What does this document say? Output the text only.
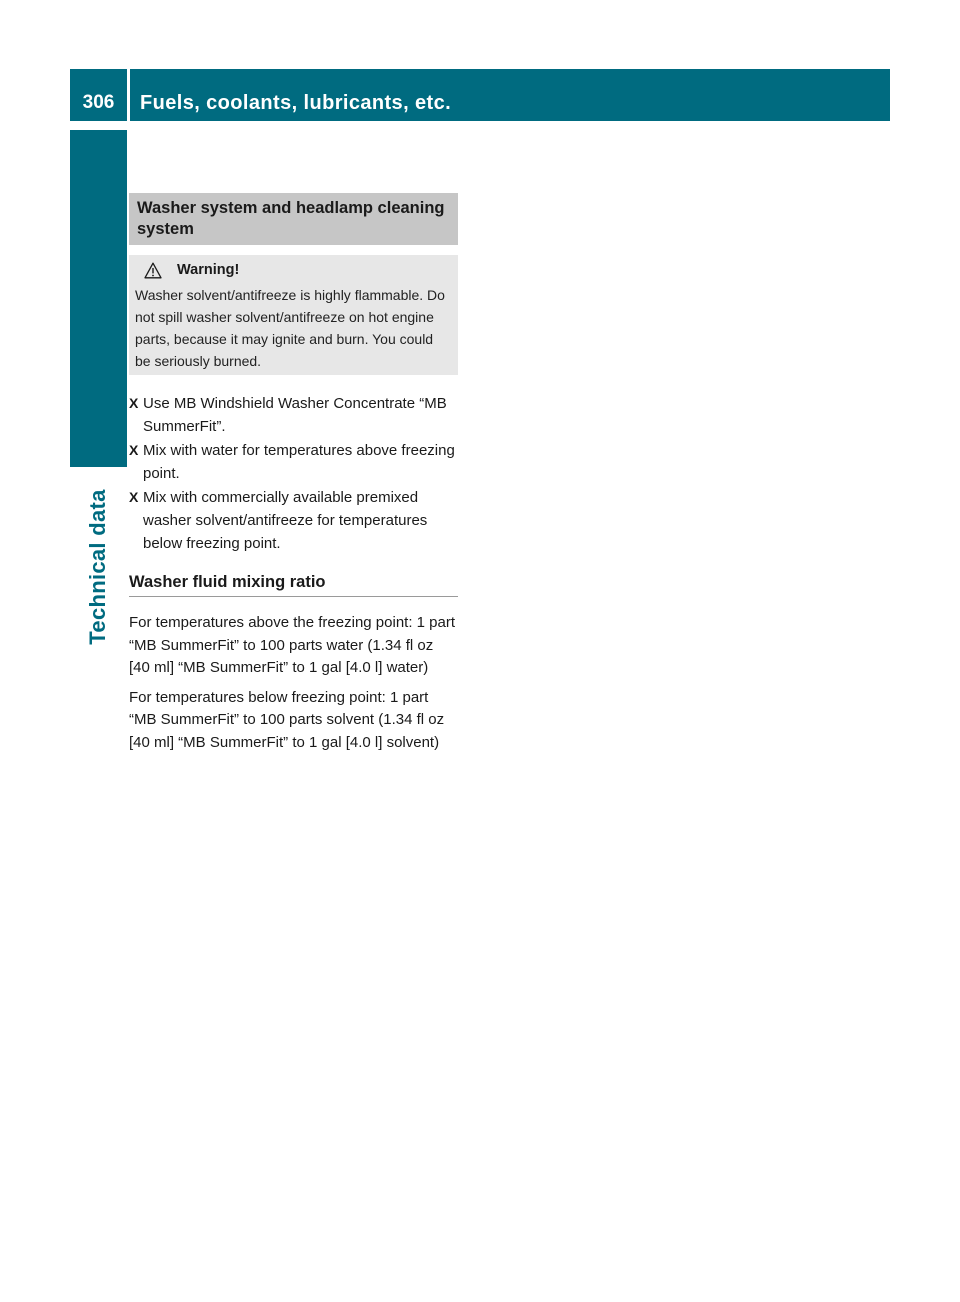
306	Fuels, coolants, lubricants, etc.
Technical data
Washer system and headlamp cleaning system
Warning!
Washer solvent/antifreeze is highly flammable. Do not spill washer solvent/antifreeze on hot engine parts, because it may ignite and burn. You could be seriously burned.
X Use MB Windshield Washer Concentrate “MB SummerFit”.
X Mix with water for temperatures above freezing point.
X Mix with commercially available premixed washer solvent/antifreeze for temperatures below freezing point.
Washer fluid mixing ratio
For temperatures above the freezing point: 1 part “MB SummerFit” to 100 parts water (1.34 fl oz [40 ml] “MB SummerFit” to 1 gal [4.0 l] water)
For temperatures below freezing point: 1 part “MB SummerFit” to 100 parts solvent (1.34 fl oz [40 ml] “MB SummerFit” to 1 gal [4.0 l] solvent)
